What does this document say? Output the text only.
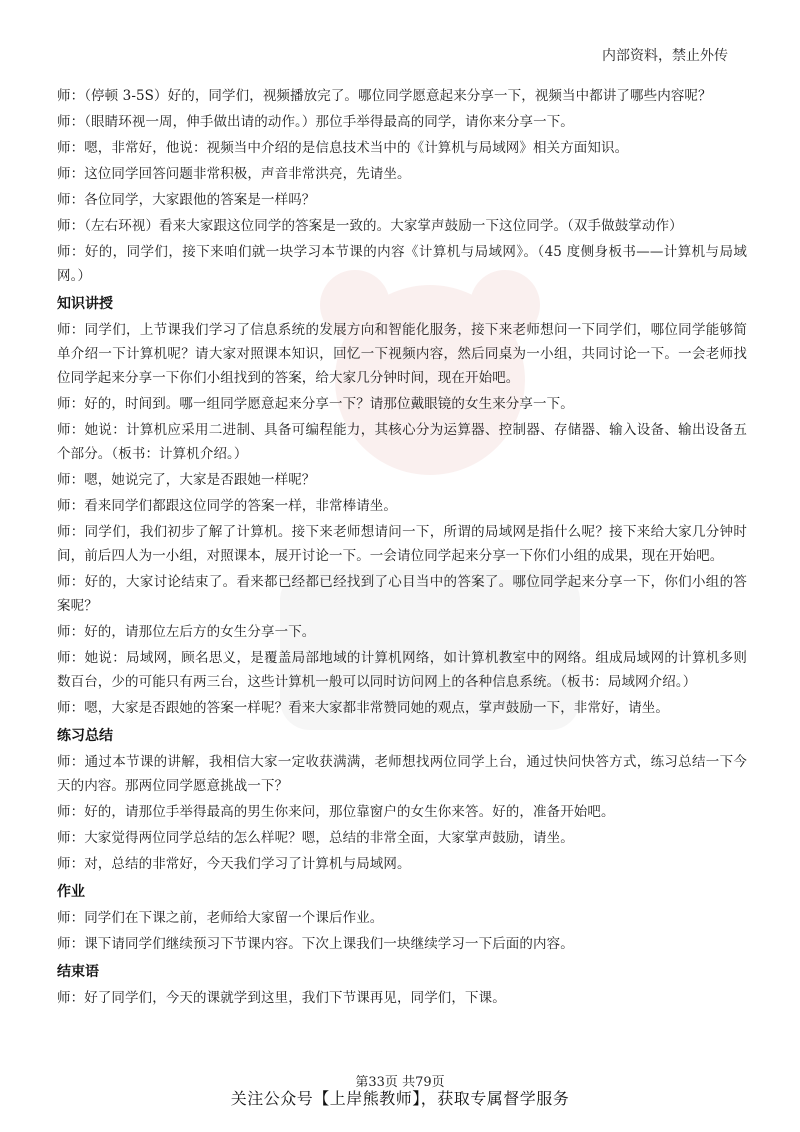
内部资料，禁止外传

师：（停顿 3-5S）好的，同学们，视频播放完了。哪位同学愿意起来分享一下，视频当中都讲了哪些内容呢？

师：（眼睛环视一周，伸手做出请的动作。）那位手举得最高的同学，请你来分享一下。

师：嗯，非常好，他说：视频当中介绍的是信息技术当中的《计算机与局域网》相关方面知识。

师：这位同学回答问题非常积极，声音非常洪亮，先请坐。

师：各位同学，大家跟他的答案是一样吗？

师：（左右环视）看来大家跟这位同学的答案是一致的。大家掌声鼓励一下这位同学。（双手做鼓掌动作）

师：好的，同学们，接下来咱们就一块学习本节课的内容《计算机与局域网》。（45 度侧身板书——计算机与局域网。）

知识讲授

师：同学们，上节课我们学习了信息系统的发展方向和智能化服务，接下来老师想问一下同学们，哪位同学能够简单介绍一下计算机呢？请大家对照课本知识，回忆一下视频内容，然后同桌为一小组，共同讨论一下。一会老师找位同学起来分享一下你们小组找到的答案，给大家几分钟时间，现在开始吧。

师：好的，时间到。哪一组同学愿意起来分享一下？请那位戴眼镜的女生来分享一下。

师：她说：计算机应采用二进制、具备可编程能力，其核心分为运算器、控制器、存储器、输入设备、输出设备五个部分。（板书：计算机介绍。）

师：嗯，她说完了，大家是否跟她一样呢？

师：看来同学们都跟这位同学的答案一样，非常棒请坐。

师：同学们，我们初步了解了计算机。接下来老师想请问一下，所谓的局域网是指什么呢？接下来给大家几分钟时间，前后四人为一小组，对照课本，展开讨论一下。一会请位同学起来分享一下你们小组的成果，现在开始吧。

师：好的，大家讨论结束了。看来都已经都已经找到了心目当中的答案了。哪位同学起来分享一下，你们小组的答案呢？

师：好的，请那位左后方的女生分享一下。

师：她说：局域网，顾名思义，是覆盖局部地域的计算机网络，如计算机教室中的网络。组成局域网的计算机多则数百台，少的可能只有两三台，这些计算机一般可以同时访问网上的各种信息系统。（板书：局域网介绍。）

师：嗯，大家是否跟她的答案一样呢？看来大家都非常赞同她的观点，掌声鼓励一下，非常好，请坐。

练习总结

师：通过本节课的讲解，我相信大家一定收获满满，老师想找两位同学上台，通过快问快答方式，练习总结一下今天的内容。那两位同学愿意挑战一下？

师：好的，请那位手举得最高的男生你来问，那位靠窗户的女生你来答。好的，准备开始吧。

师：大家觉得两位同学总结的怎么样呢？嗯，总结的非常全面，大家掌声鼓励，请坐。

师：对，总结的非常好，今天我们学习了计算机与局域网。

作业

师：同学们在下课之前，老师给大家留一个课后作业。

师：课下请同学们继续预习下节课内容。下次上课我们一块继续学习一下后面的内容。

结束语

师：好了同学们，今天的课就学到这里，我们下节课再见，同学们，下课。

第33页 共79页
关注公众号【上岸熊教师】，获取专属督学服务
